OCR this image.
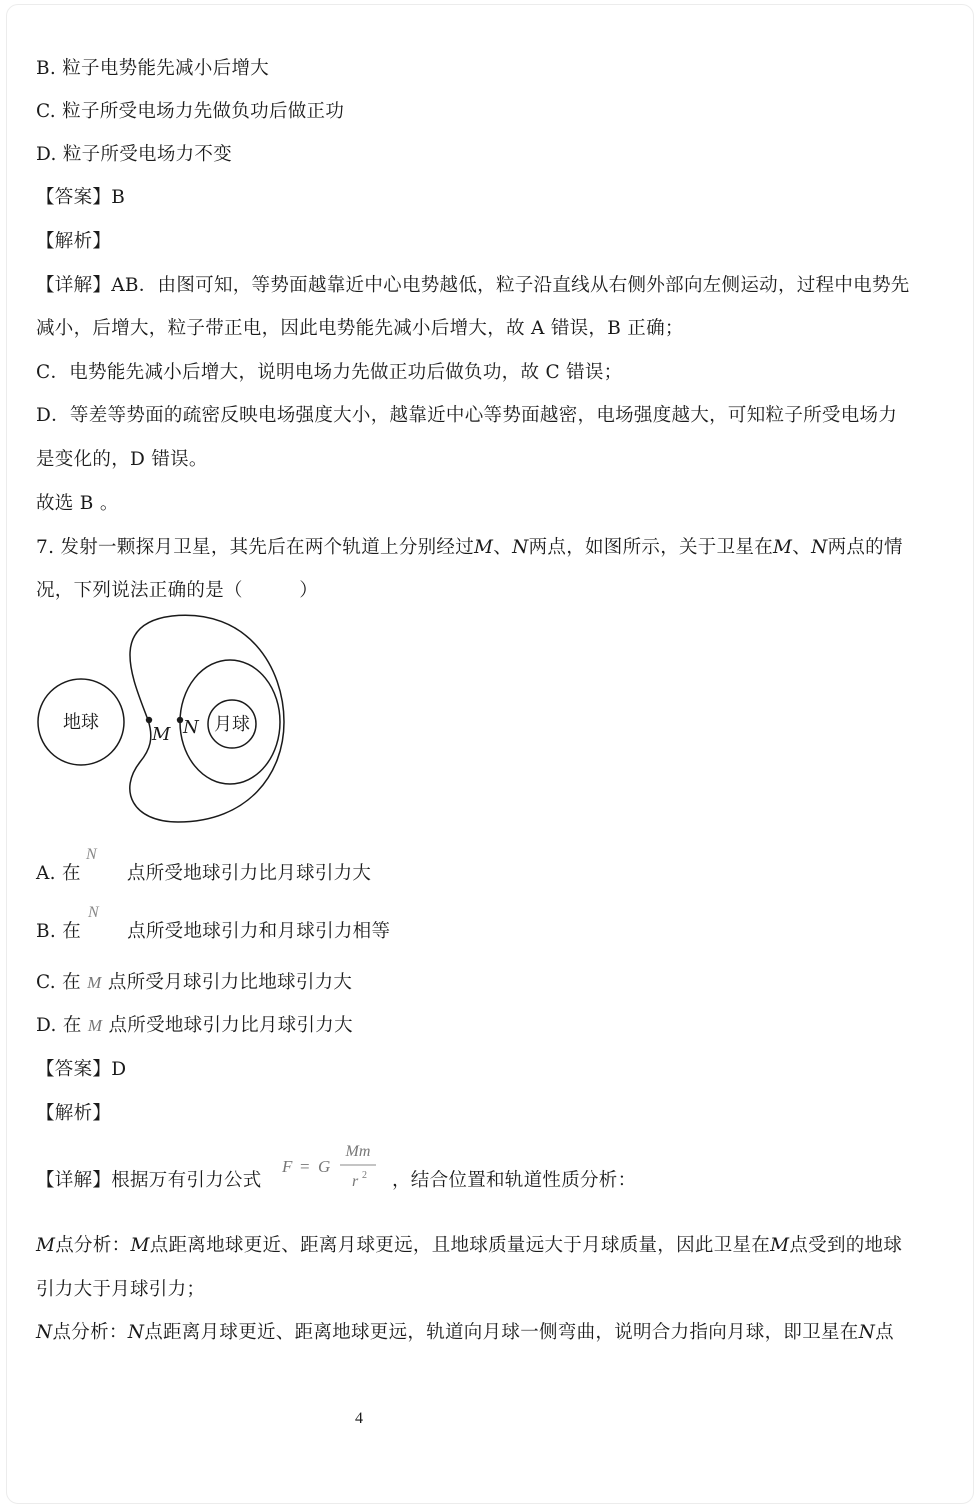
B. 粒子电势能先减小后增大
C. 粒子所受电场力先做负功后做正功
D. 粒子所受电场力不变
【答案】B
【解析】
【详解】AB．由图可知，等势面越靠近中心电势越低，粒子沿直线从右侧外部向左侧运动，过程中电势先
减小，后增大，粒子带正电，因此电势能先减小后增大，故 A 错误，B 正确；
C．电势能先减小后增大，说明电场力先做正功后做负功，故 C 错误；
D．等差等势面的疏密反映电场强度大小，越靠近中心等势面越密，电场强度越大，可知粒子所受电场力
是变化的，D 错误。
故选 B 。
7. 发射一颗探月卫星，其先后在两个轨道上分别经过M、N两点，如图所示，关于卫星在M、N两点的情
况，下列说法正确的是（　　　）
地球	月球
M N
A. 在 点所受地球引力比月球引力大
N
B. 在 点所受地球引力和月球引力相等
N
C. 在 M 点所受月球引力比地球引力大
D. 在 M 点所受地球引力比月球引力大
【答案】D
【解析】
【详解】根据万有引力公式
F = G
Mm
r 2 ，结合位置和轨道性质分析：
M点分析：M点距离地球更近、距离月球更远，且地球质量远大于月球质量，因此卫星在M点受到的地球
引力大于月球引力；
N点分析：N点距离月球更近、距离地球更远，轨道向月球一侧弯曲，说明合力指向月球，即卫星在N点
4
